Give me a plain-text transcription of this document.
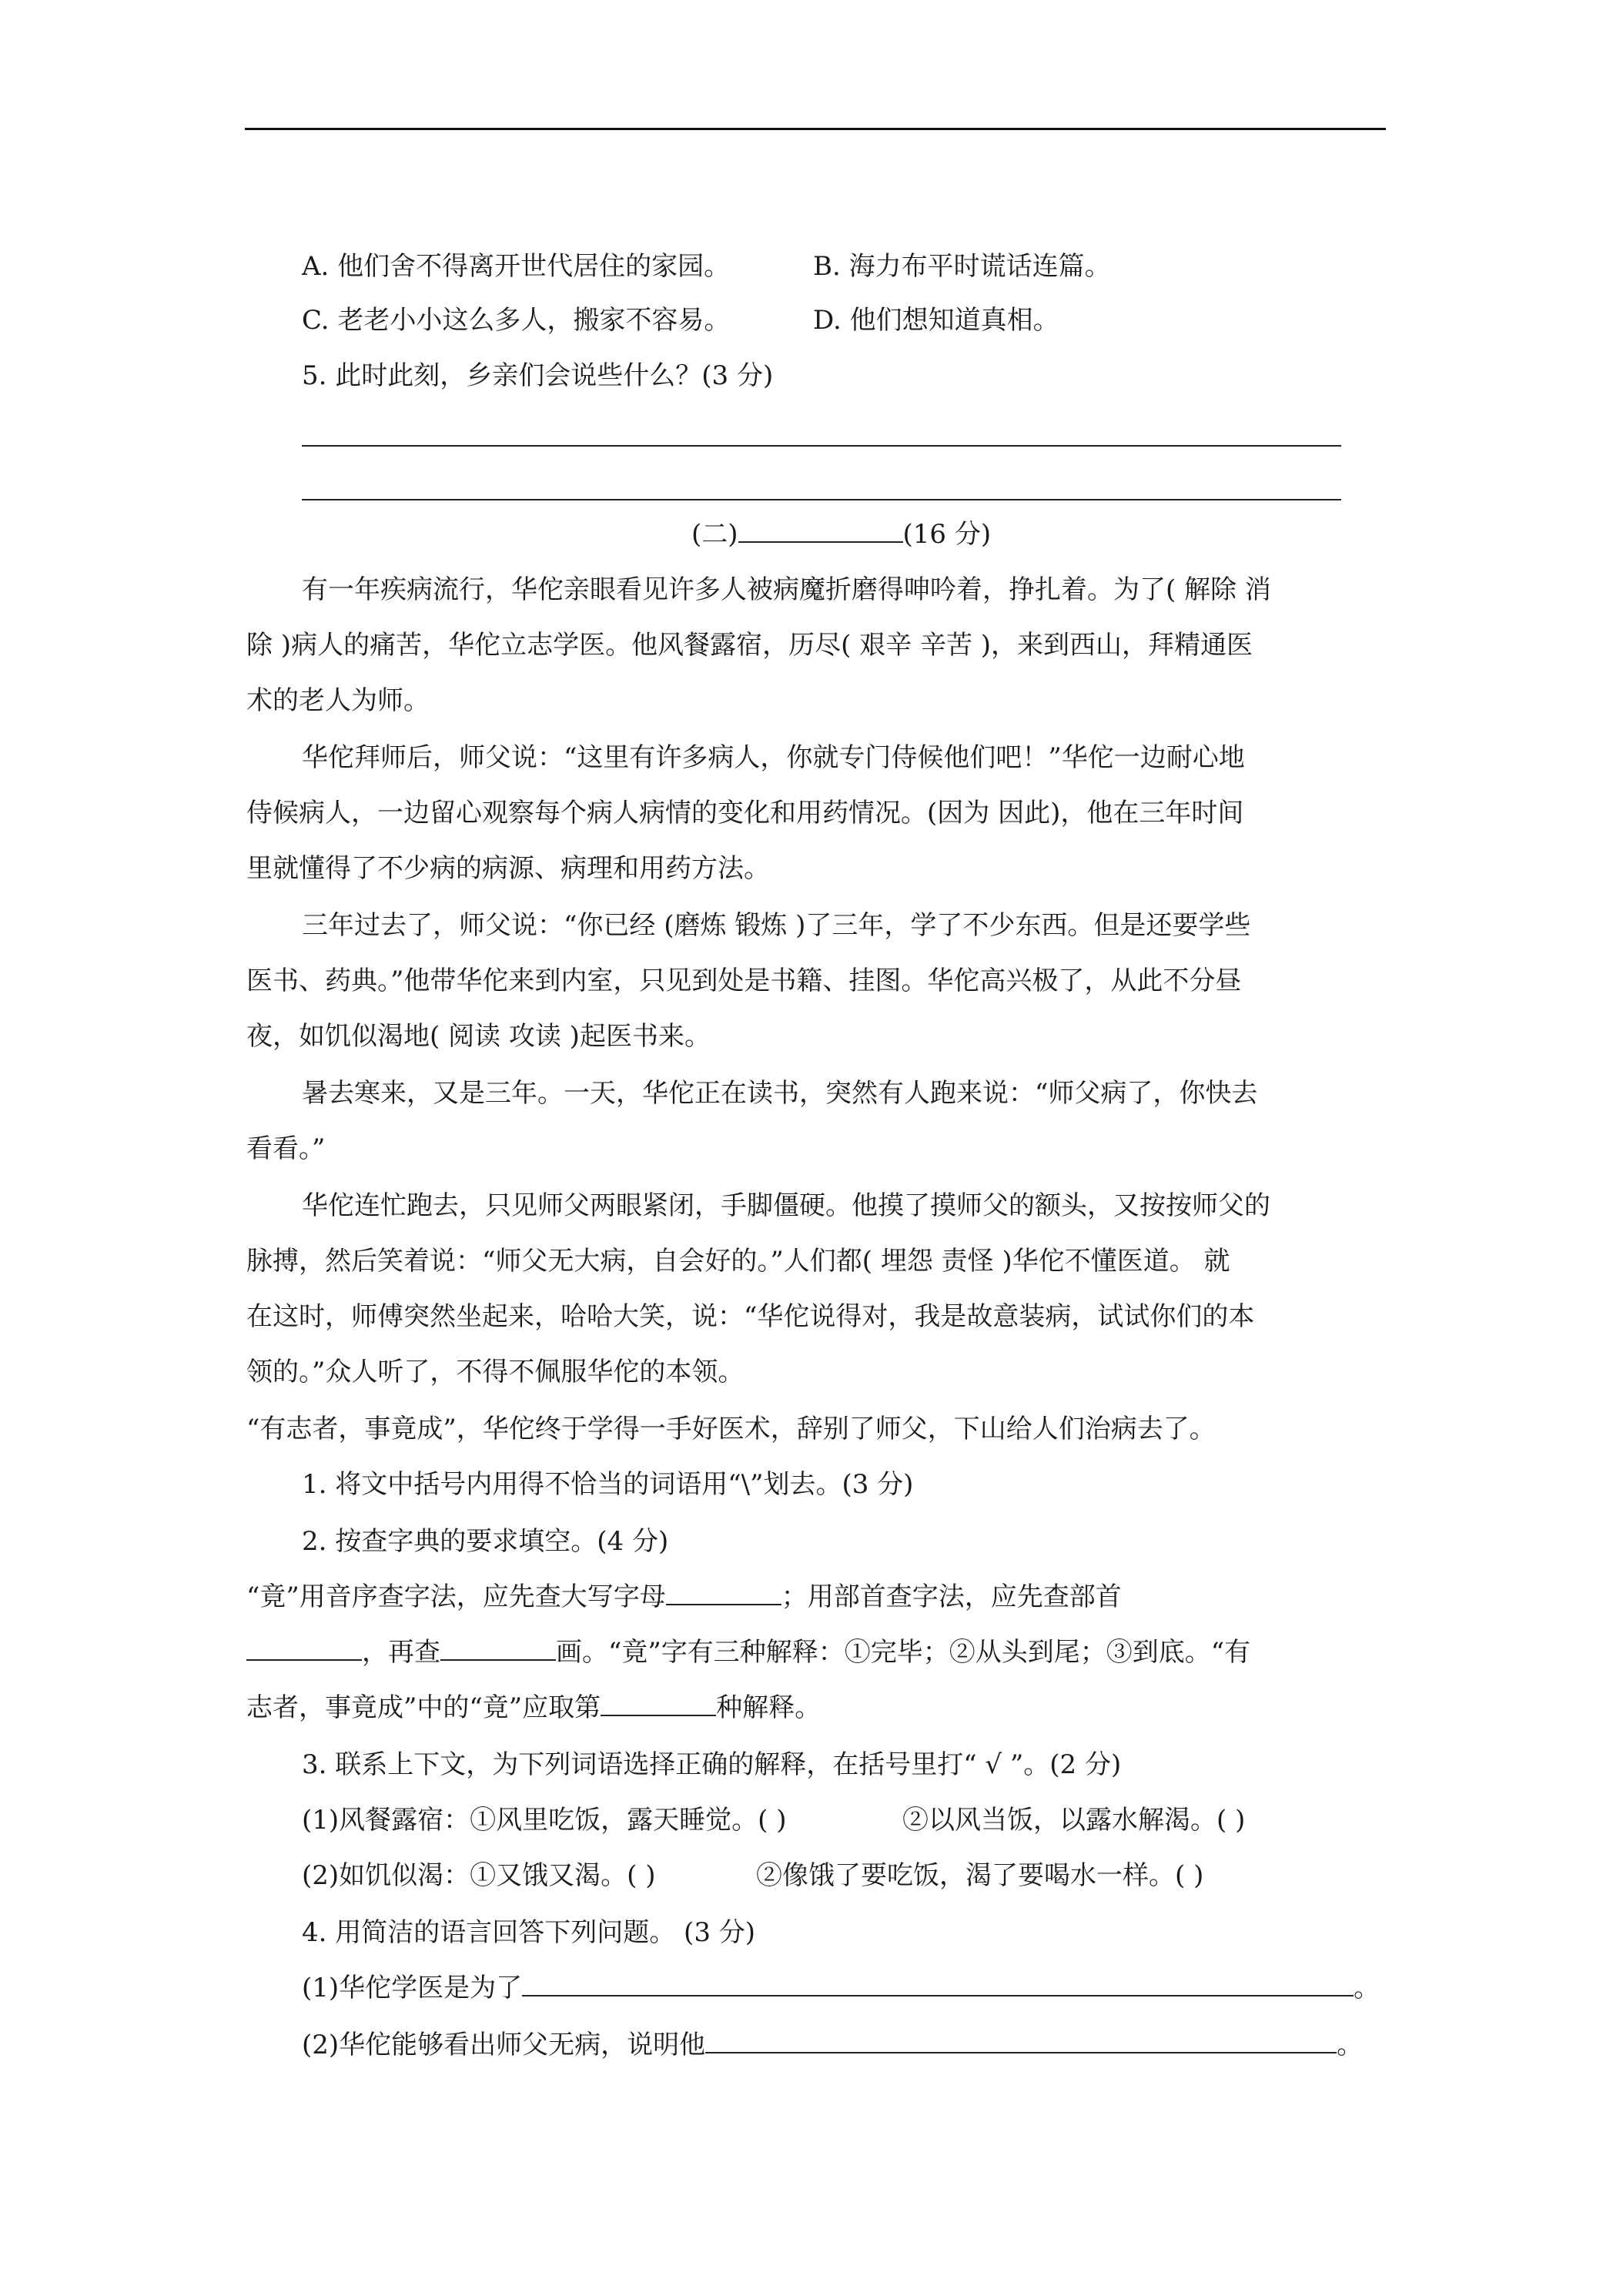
A. 他们舍不得离开世代居住的家园。	B. 海力布平时谎话连篇。
C. 老老小小这么多人，搬家不容易。	D. 他们想知道真相。
5. 此时此刻，乡亲们会说些什么？(3 分)
(二)	(16 分)
有一年疾病流行，华佗亲眼看见许多人被病魔折磨得呻吟着，挣扎着。为了( 解除 消
除 )病人的痛苦，华佗立志学医。他风餐露宿，历尽( 艰辛 辛苦 )，来到西山，拜精通医
术的老人为师。
华佗拜师后，师父说：“这里有许多病人，你就专门侍候他们吧！”华佗一边耐心地
侍候病人，一边留心观察每个病人病情的变化和用药情况。(因为 因此)，他在三年时间
里就懂得了不少病的病源、病理和用药方法。
三年过去了，师父说：“你已经 (磨炼 锻炼 )了三年，学了不少东西。但是还要学些
医书、药典。”他带华佗来到内室，只见到处是书籍、挂图。华佗高兴极了，从此不分昼
夜，如饥似渴地( 阅读 攻读 )起医书来。
暑去寒来，又是三年。一天，华佗正在读书，突然有人跑来说：“师父病了，你快去
看看。”
华佗连忙跑去，只见师父两眼紧闭，手脚僵硬。他摸了摸师父的额头，又按按师父的
脉搏，然后笑着说：“师父无大病，自会好的。”人们都( 埋怨 责怪 )华佗不懂医道。 就
在这时，师傅突然坐起来，哈哈大笑，说：“华佗说得对，我是故意装病，试试你们的本
领的。”众人听了，不得不佩服华佗的本领。
“有志者，事竟成”，华佗终于学得一手好医术，辞别了师父，下山给人们治病去了。
1. 将文中括号内用得不恰当的词语用“\”划去。(3 分)
2. 按查字典的要求填空。(4 分)
“竟”用音序查字法，应先查大写字母	；用部首查字法，应先查部首
，再查	画。“竟”字有三种解释：①完毕；②从头到尾；③到底。“有
志者，事竟成”中的“竟”应取第	种解释。
3. 联系上下文，为下列词语选择正确的解释，在括号里打“ √ ”。(2 分)
(1)风餐露宿：①风里吃饭，露天睡觉。( )	②以风当饭，以露水解渴。( )
(2)如饥似渴：①又饿又渴。( )	②像饿了要吃饭，渴了要喝水一样。( )
4. 用简洁的语言回答下列问题。 (3 分)
(1)华佗学医是为了	。
(2)华佗能够看出师父无病，说明他	。
